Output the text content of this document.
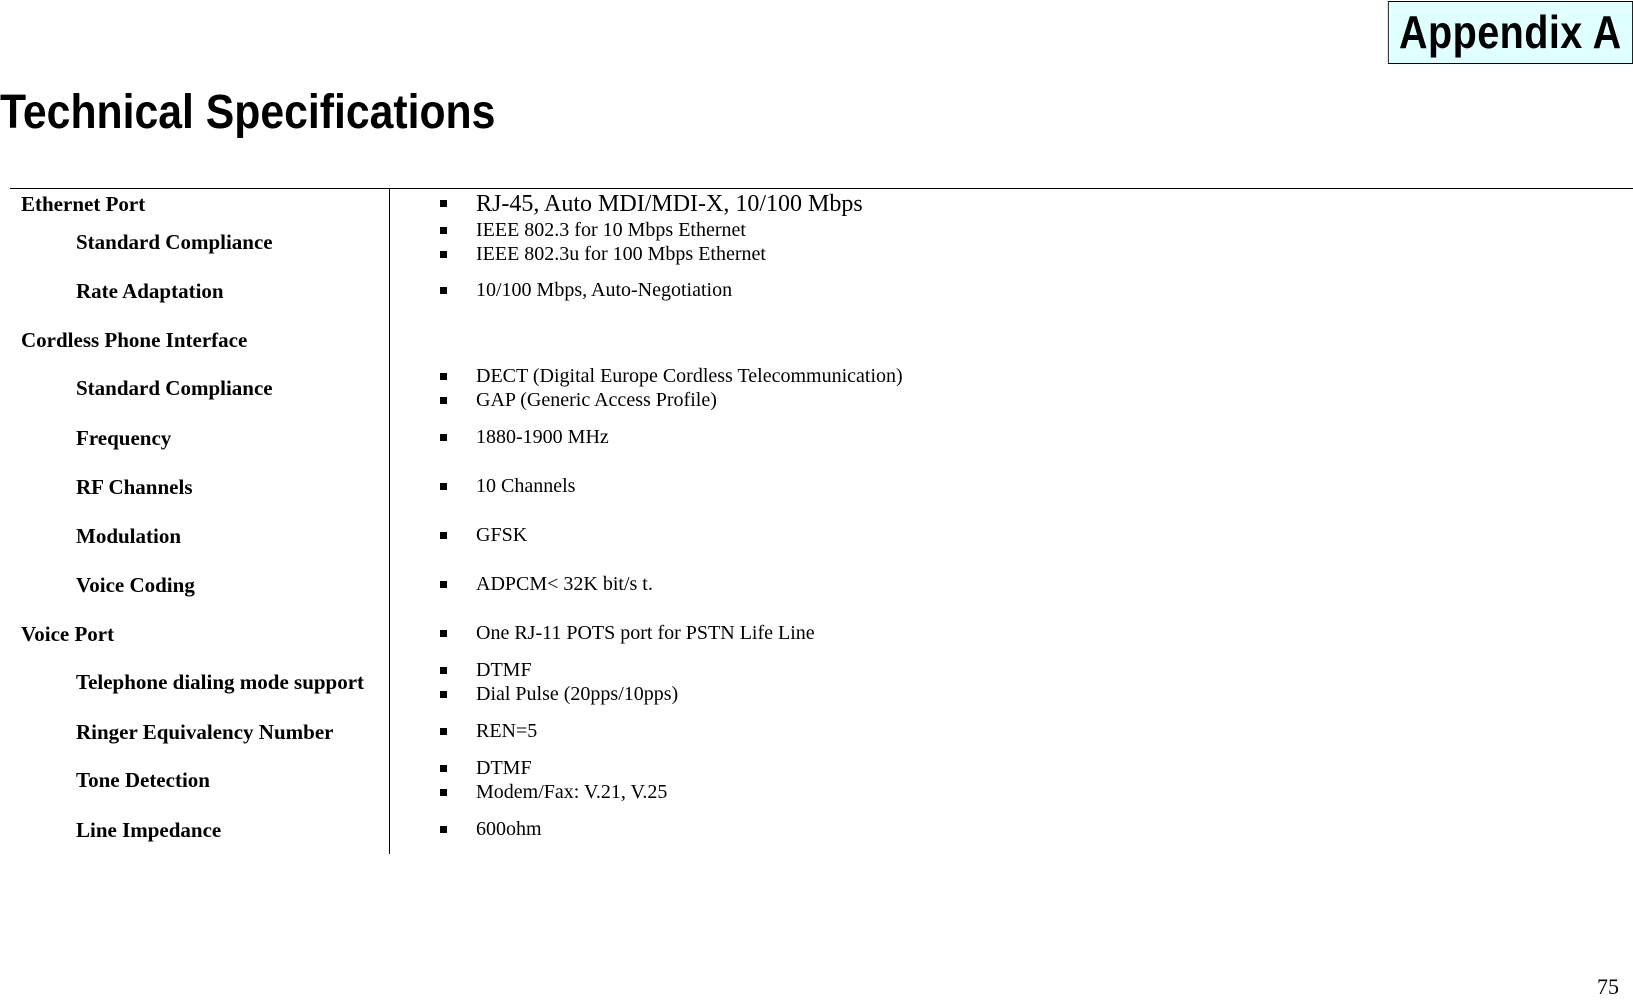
Appendix A
Technical Specifications
Ethernet Port	RJ-45, Auto MDI/MDI-X, 10/100 Mbps
Standard Compliance	IEEE 802.3 for 10 Mbps Ethernet
IEEE 802.3u for 100 Mbps Ethernet
Rate Adaptation	10/100 Mbps, Auto-Negotiation
Cordless Phone Interface
Standard Compliance	DECT (Digital Europe Cordless Telecommunication)
GAP (Generic Access Profile)
Frequency	1880-1900 MHz
RF Channels	10 Channels
Modulation	GFSK
Voice Coding	ADPCM< 32K bit/s t.
Voice Port	One RJ-11 POTS port for PSTN Life Line
Telephone dialing mode support	DTMF
Dial Pulse (20pps/10pps)
Ringer Equivalency Number	REN=5
Tone Detection	DTMF
Modem/Fax: V.21, V.25
Line Impedance	600ohm
75
